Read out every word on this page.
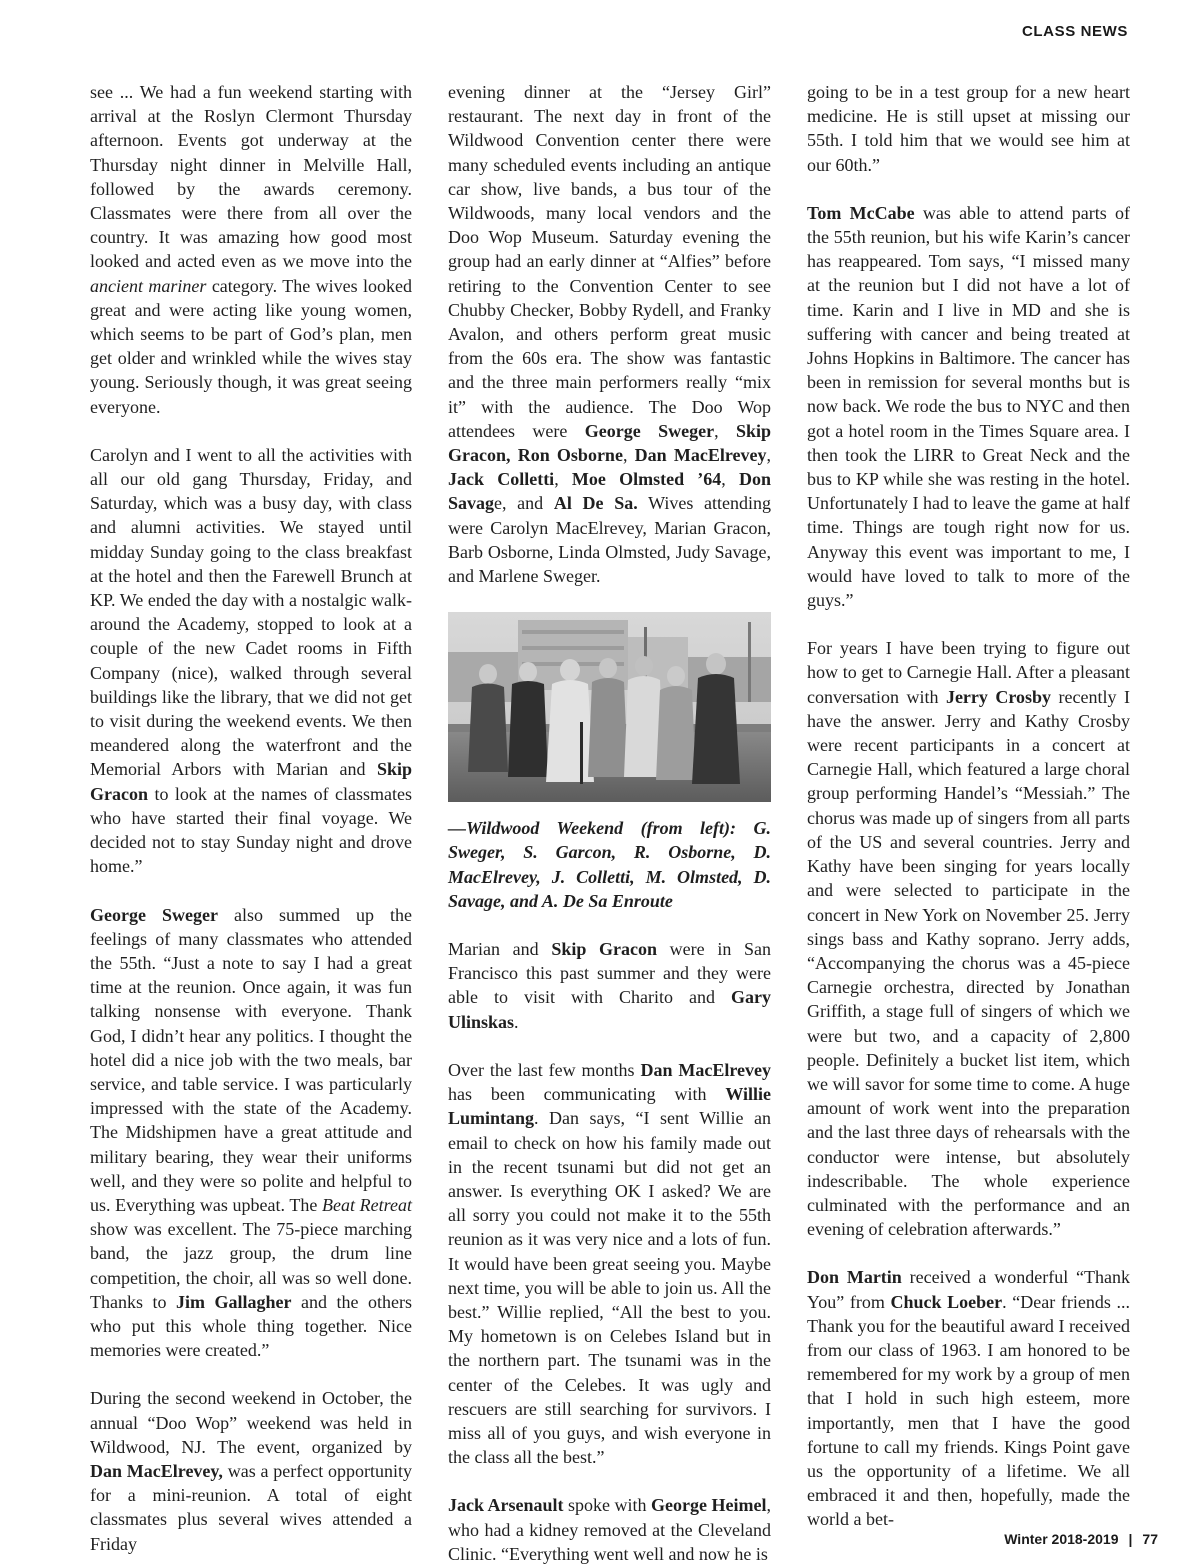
CLASS NEWS

see ... We had a fun weekend starting with arrival at the Roslyn Clermont Thursday afternoon. Events got underway at the Thursday night dinner in Melville Hall, followed by the awards ceremony. Classmates were there from all over the country. It was amazing how good most looked and acted even as we move into the ancient mariner category. The wives looked great and were acting like young women, which seems to be part of God’s plan, men get older and wrinkled while the wives stay young. Seriously though, it was great seeing everyone.

Carolyn and I went to all the activities with all our old gang Thursday, Friday, and Saturday, which was a busy day, with class and alumni activities. We stayed until midday Sunday going to the class breakfast at the hotel and then the Farewell Brunch at KP. We ended the day with a nostalgic walk-around the Academy, stopped to look at a couple of the new Cadet rooms in Fifth Company (nice), walked through several buildings like the library, that we did not get to visit during the weekend events. We then meandered along the waterfront and the Memorial Arbors with Marian and Skip Gracon to look at the names of classmates who have started their final voyage. We decided not to stay Sunday night and drove home.”

George Sweger also summed up the feelings of many classmates who attended the 55th. “Just a note to say I had a great time at the reunion. Once again, it was fun talking nonsense with everyone. Thank God, I didn’t hear any politics. I thought the hotel did a nice job with the two meals, bar service, and table service. I was particularly impressed with the state of the Academy. The Midshipmen have a great attitude and military bearing, they wear their uniforms well, and they were so polite and helpful to us. Everything was upbeat. The Beat Retreat show was excellent. The 75-piece marching band, the jazz group, the drum line competition, the choir, all was so well done. Thanks to Jim Gallagher and the others who put this whole thing together. Nice memories were created.”

During the second weekend in October, the annual “Doo Wop” weekend was held in Wildwood, NJ. The event, organized by Dan MacElrevey, was a perfect opportunity for a mini-reunion. A total of eight classmates plus several wives attended a Friday

evening dinner at the “Jersey Girl” restaurant. The next day in front of the Wildwood Convention center there were many scheduled events including an antique car show, live bands, a bus tour of the Wildwoods, many local vendors and the Doo Wop Museum. Saturday evening the group had an early dinner at “Alfies” before retiring to the Convention Center to see Chubby Checker, Bobby Rydell, and Franky Avalon, and others perform great music from the 60s era. The show was fantastic and the three main performers really “mix it” with the audience. The Doo Wop attendees were George Sweger, Skip Gracon, Ron Osborne, Dan MacElrevey, Jack Colletti, Moe Olmsted ’64, Don Savage, and Al De Sa. Wives attending were Carolyn MacElrevey, Marian Gracon, Barb Osborne, Linda Olmsted, Judy Savage, and Marlene Sweger.

—Wildwood Weekend (from left): G. Sweger, S. Garcon, R. Osborne, D. MacElrevey, J. Colletti, M. Olmsted, D. Savage, and A. De Sa Enroute

Marian and Skip Gracon were in San Francisco this past summer and they were able to visit with Charito and Gary Ulinskas.

Over the last few months Dan MacElrevey has been communicating with Willie Lumintang. Dan says, “I sent Willie an email to check on how his family made out in the recent tsunami but did not get an answer. Is everything OK I asked? We are all sorry you could not make it to the 55th reunion as it was very nice and a lots of fun. It would have been great seeing you. Maybe next time, you will be able to join us. All the best.” Willie replied, “All the best to you. My hometown is on Celebes Island but in the northern part. The tsunami was in the center of the Celebes. It was ugly and rescuers are still searching for survivors. I miss all of you guys, and wish everyone in the class all the best.”

Jack Arsenault spoke with George Heimel, who had a kidney removed at the Cleveland Clinic. “Everything went well and now he is

going to be in a test group for a new heart medicine. He is still upset at missing our 55th. I told him that we would see him at our 60th.”

Tom McCabe was able to attend parts of the 55th reunion, but his wife Karin’s cancer has reappeared. Tom says, “I missed many at the reunion but I did not have a lot of time. Karin and I live in MD and she is suffering with cancer and being treated at Johns Hopkins in Baltimore. The cancer has been in remission for several months but is now back. We rode the bus to NYC and then got a hotel room in the Times Square area. I then took the LIRR to Great Neck and the bus to KP while she was resting in the hotel. Unfortunately I had to leave the game at half time. Things are tough right now for us. Anyway this event was important to me, I would have loved to talk to more of the guys.”

For years I have been trying to figure out how to get to Carnegie Hall. After a pleasant conversation with Jerry Crosby recently I have the answer. Jerry and Kathy Crosby were recent participants in a concert at Carnegie Hall, which featured a large choral group performing Handel’s “Messiah.” The chorus was made up of singers from all parts of the US and several countries. Jerry and Kathy have been singing for years locally and were selected to participate in the concert in New York on November 25. Jerry sings bass and Kathy soprano. Jerry adds, “Accompanying the chorus was a 45-piece Carnegie orchestra, directed by Jonathan Griffith, a stage full of singers of which we were but two, and a capacity of 2,800 people. Definitely a bucket list item, which we will savor for some time to come. A huge amount of work went into the preparation and the last three days of rehearsals with the conductor were intense, but absolutely indescribable. The whole experience culminated with the performance and an evening of celebration afterwards.”

Don Martin received a wonderful “Thank You” from Chuck Loeber. “Dear friends ... Thank you for the beautiful award I received from our class of 1963. I am honored to be remembered for my work by a group of men that I hold in such high esteem, more importantly, men that I have the good fortune to call my friends. Kings Point gave us the opportunity of a lifetime. We all embraced it and then, hopefully, made the world a bet-

Winter 2018-2019 | 77
